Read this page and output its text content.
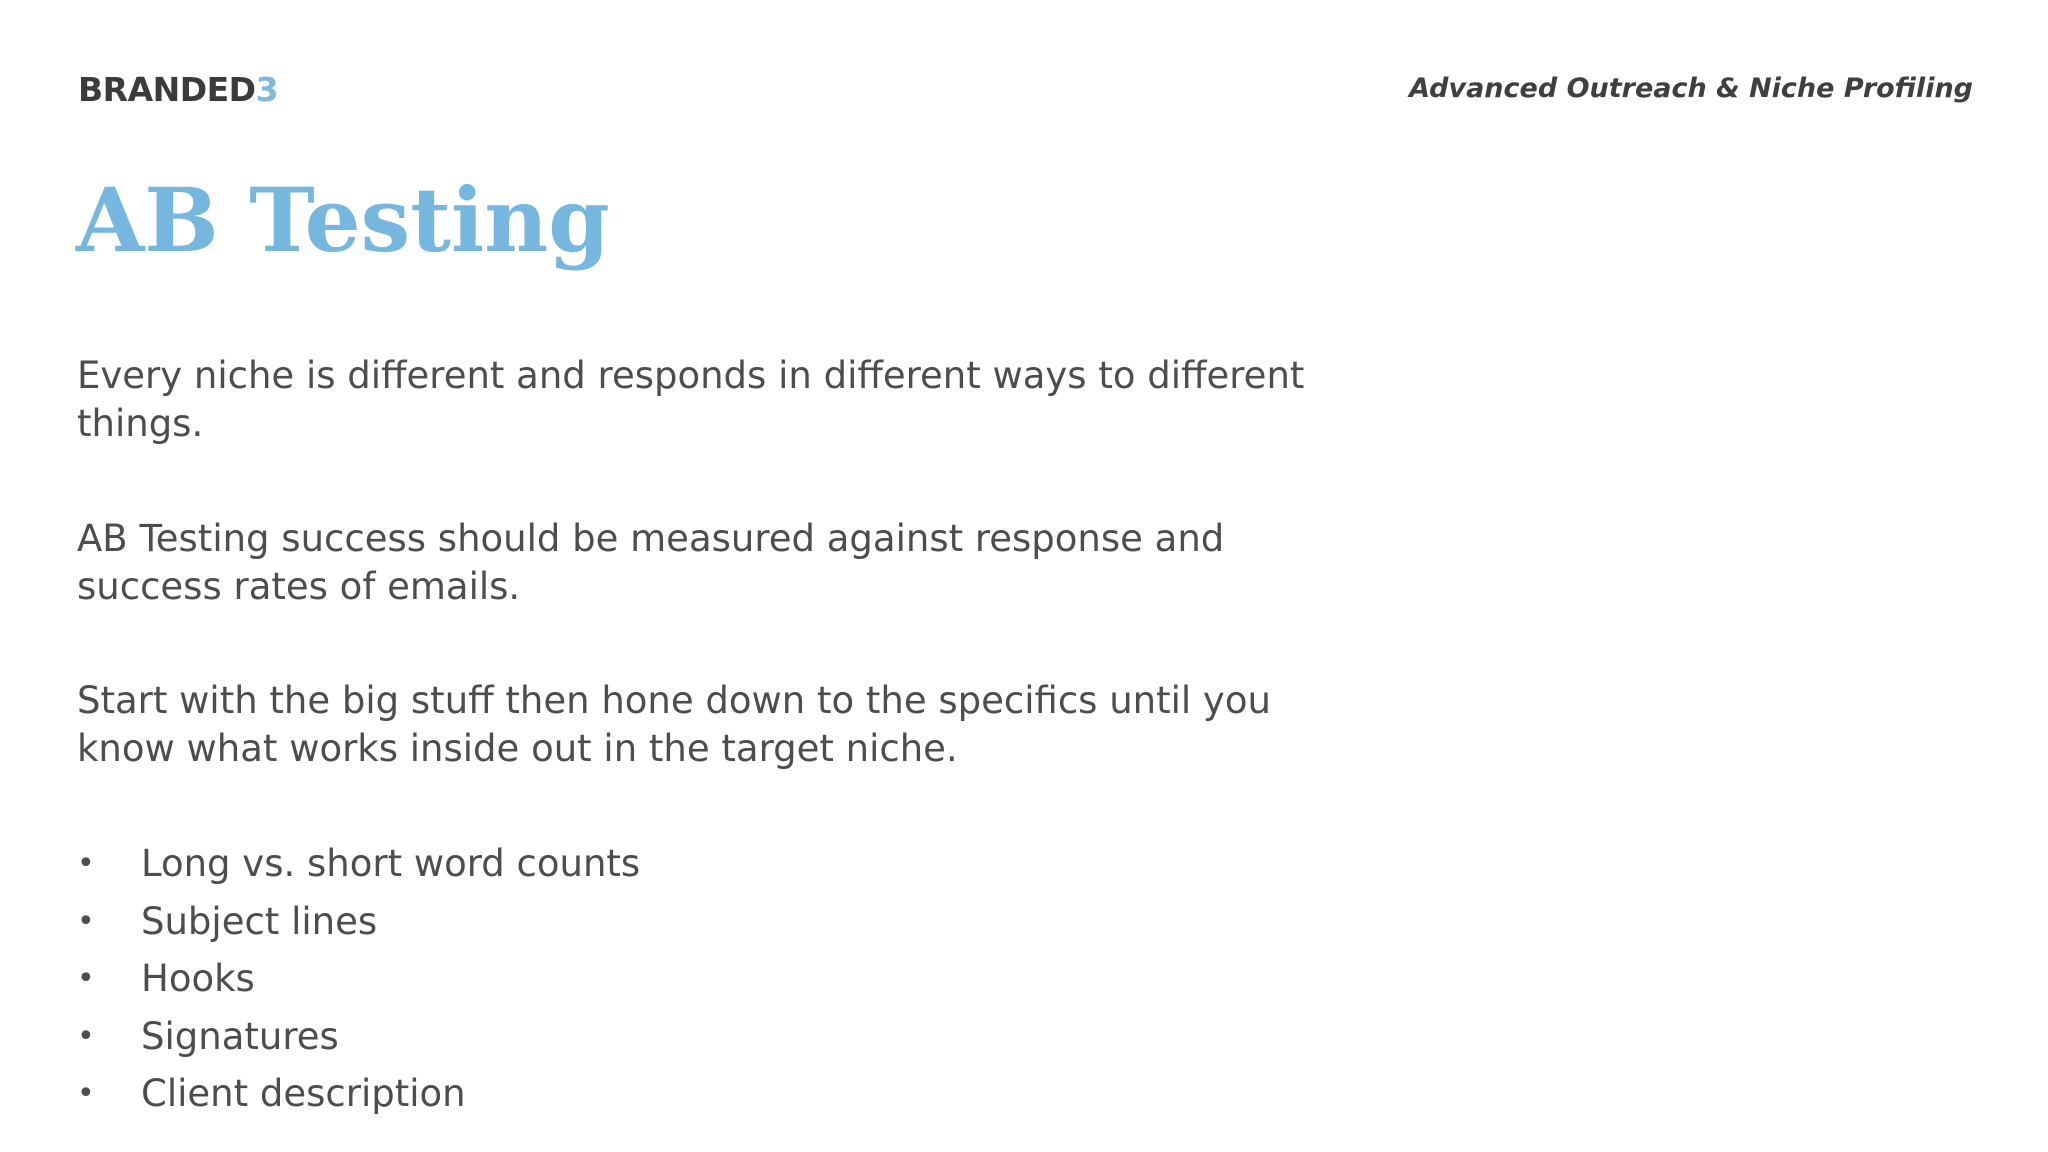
BRANDED3	Advanced Outreach & Niche Profiling
AB Testing

Every niche is different and responds in different ways to different things.

AB Testing success should be measured against response and success rates of emails.

Start with the big stuff then hone down to the specifics until you know what works inside out in the target niche.

• Long vs. short word counts
• Subject lines
• Hooks
• Signatures
• Client description
